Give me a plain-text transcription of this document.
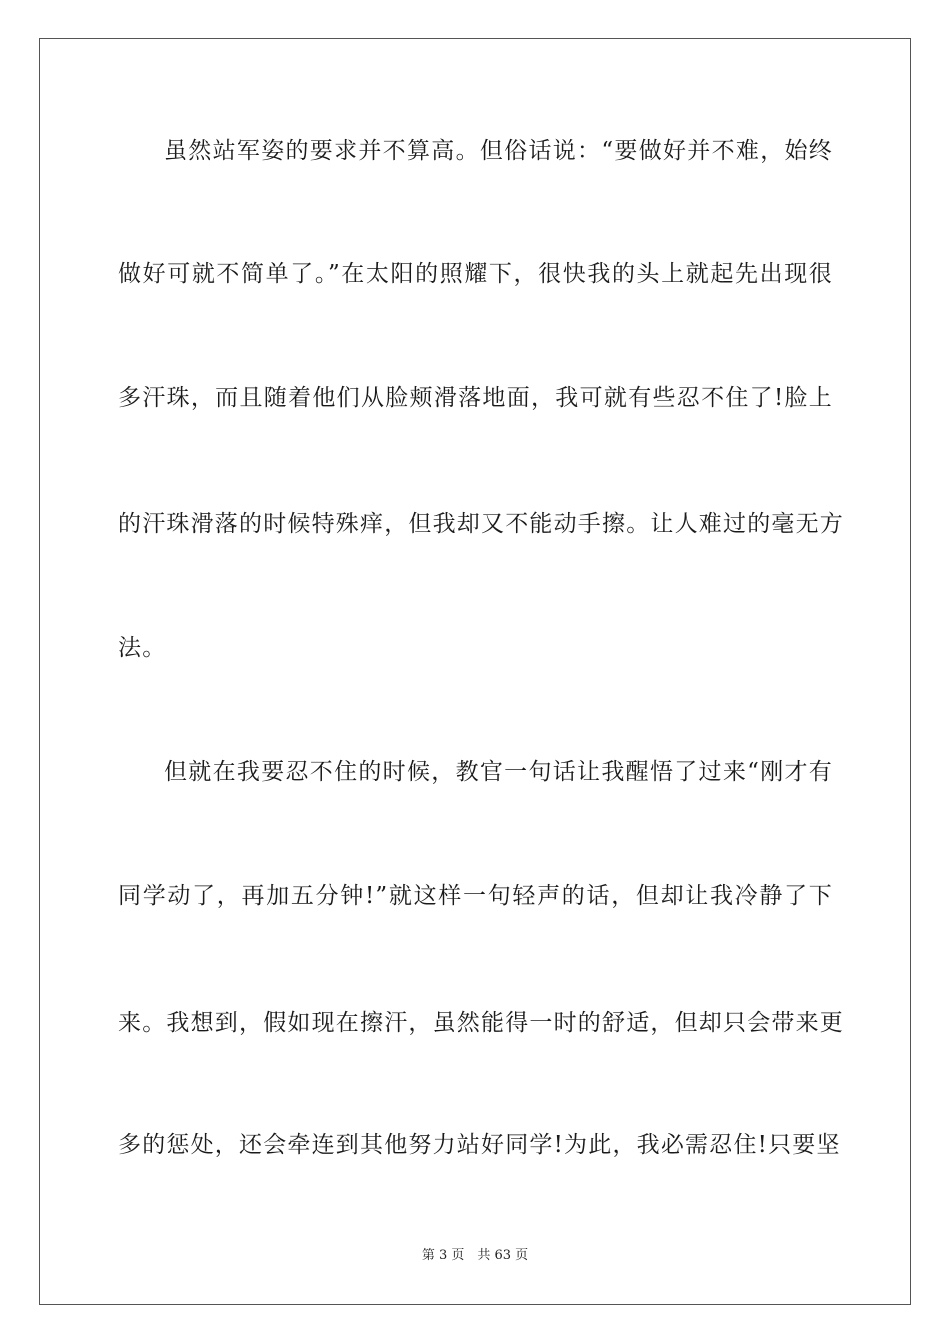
虽然站军姿的要求并不算高。但俗话说：“要做好并不难，始终
做好可就不简单了。”在太阳的照耀下，很快我的头上就起先出现很
多汗珠，而且随着他们从脸颊滑落地面，我可就有些忍不住了!脸上
的汗珠滑落的时候特殊痒，但我却又不能动手擦。让人难过的毫无方
法。
但就在我要忍不住的时候，教官一句话让我醒悟了过来“刚才有
同学动了，再加五分钟!”就这样一句轻声的话，但却让我冷静了下
来。我想到，假如现在擦汗，虽然能得一时的舒适，但却只会带来更
多的惩处，还会牵连到其他努力站好同学!为此，我必需忍住!只要坚
第 3 页　共 63 页
